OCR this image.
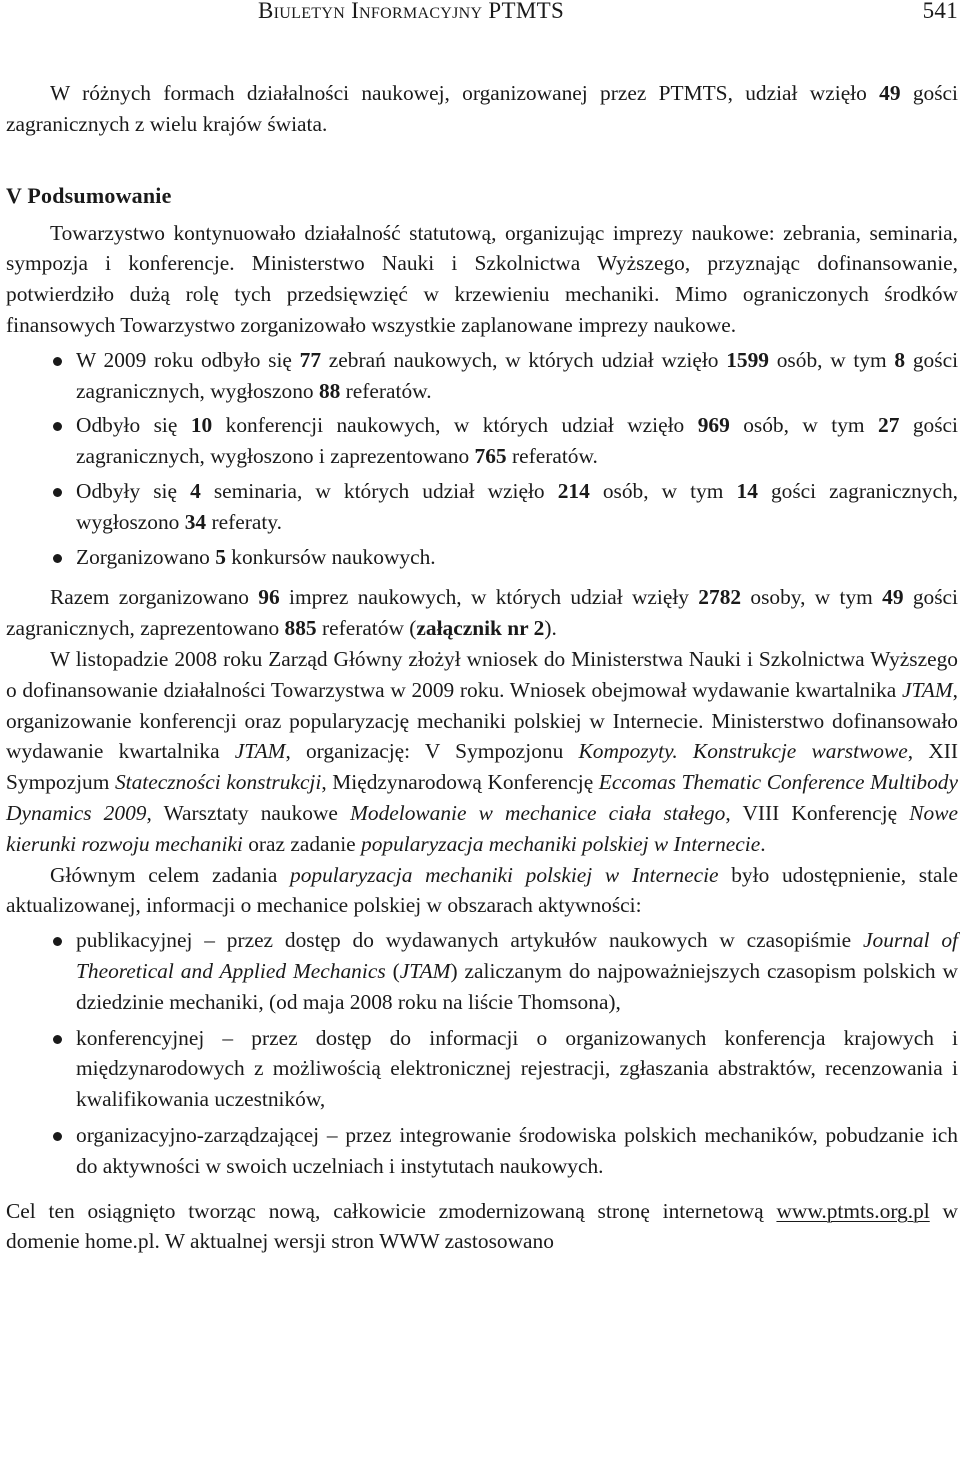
Biuletyn Informacyjny PTMTS	541

W różnych formach działalności naukowej, organizowanej przez PTMTS, udział wzięło 49 gości zagranicznych z wielu krajów świata.

V Podsumowanie

Towarzystwo kontynuowało działalność statutową, organizując imprezy naukowe: zebrania, seminaria, sympozja i konferencje. Ministerstwo Nauki i Szkolnictwa Wyższego, przyznając dofinansowanie, potwierdziło dużą rolę tych przedsięwzięć w krzewieniu mechaniki. Mimo ograniczonych środków finansowych Towarzystwo zorganizowało wszystkie zaplanowane imprezy naukowe.

W 2009 roku odbyło się 77 zebrań naukowych, w których udział wzięło 1599 osób, w tym 8 gości zagranicznych, wygłoszono 88 referatów.
Odbyło się 10 konferencji naukowych, w których udział wzięło 969 osób, w tym 27 gości zagranicznych, wygłoszono i zaprezentowano 765 referatów.
Odbyły się 4 seminaria, w których udział wzięło 214 osób, w tym 14 gości zagranicznych, wygłoszono 34 referaty.
Zorganizowano 5 konkursów naukowych.

Razem zorganizowano 96 imprez naukowych, w których udział wzięły 2782 osoby, w tym 49 gości zagranicznych, zaprezentowano 885 referatów (załącznik nr 2).

W listopadzie 2008 roku Zarząd Główny złożył wniosek do Ministerstwa Nauki i Szkolnictwa Wyższego o dofinansowanie działalności Towarzystwa w 2009 roku. Wniosek obejmował wydawanie kwartalnika JTAM, organizowanie konferencji oraz popularyzację mechaniki polskiej w Internecie. Ministerstwo dofinansowało wydawanie kwartalnika JTAM, organizację: V Sympozjonu Kompozyty. Konstrukcje warstwowe, XII Sympozjum Stateczności konstrukcji, Międzynarodową Konferencję Eccomas Thematic Conference Multibody Dynamics 2009, Warsztaty naukowe Modelowanie w mechanice ciała stałego, VIII Konferencję Nowe kierunki rozwoju mechaniki oraz zadanie popularyzacja mechaniki polskiej w Internecie.

Głównym celem zadania popularyzacja mechaniki polskiej w Internecie było udostępnienie, stale aktualizowanej, informacji o mechanice polskiej w obszarach aktywności:

publikacyjnej – przez dostęp do wydawanych artykułów naukowych w czasopiśmie Journal of Theoretical and Applied Mechanics (JTAM) zaliczanym do najpoważniejszych czasopism polskich w dziedzinie mechaniki, (od maja 2008 roku na liście Thomsona),
konferencyjnej – przez dostęp do informacji o organizowanych konferencja krajowych i międzynarodowych z możliwością elektronicznej rejestracji, zgłaszania abstraktów, recenzowania i kwalifikowania uczestników,
organizacyjno-zarządzającej – przez integrowanie środowiska polskich mechaników, pobudzanie ich do aktywności w swoich uczelniach i instytutach naukowych.

Cel ten osiągnięto tworząc nową, całkowicie zmodernizowaną stronę internetową www.ptmts.org.pl w domenie home.pl. W aktualnej wersji stron WWW zastosowano
